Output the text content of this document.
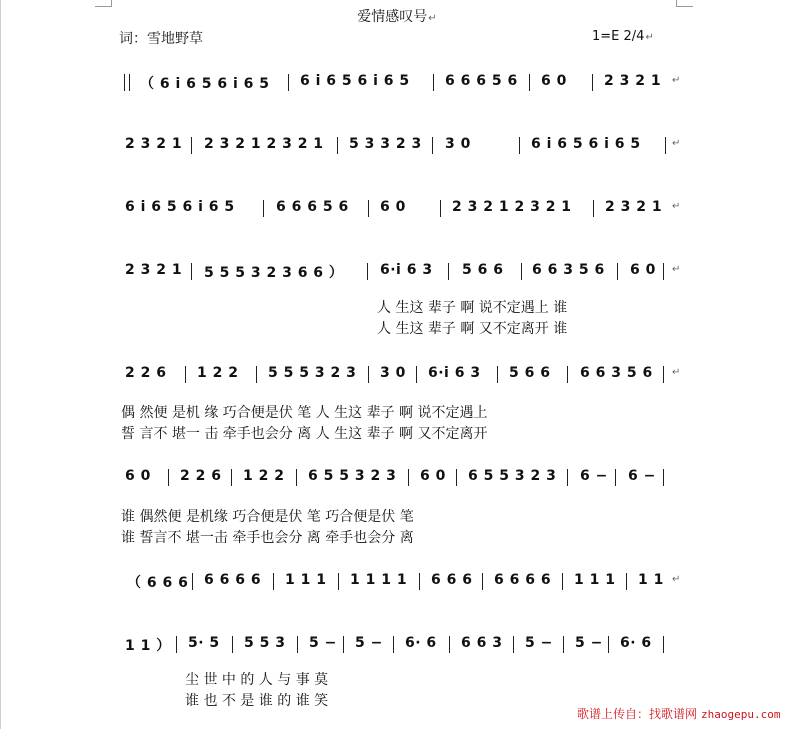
爱情感叹号↵
词：雪地野草	1=E 2/4↵
（ 6 i 6 5 6 i 6 5 6 i 6 5 6 i 6 5	6 6 6 5 6 6 0	2 3 2 1 ↵
2 3 2 1 2 3 2 1 2 3 2 1 5 3 3 2 3 3 0	6 i 6 5 6 i 6 5	↵
6 i 6 5 6 i 6 5	6 6 6 5 6 6 0	2 3 2 1 2 3 2 1 2 3 2 1 ↵
2 3 2 1 5 5 5 3 2 3 6 6 ）	6·i 6 3 5 6 6 6 6 3 5 6 6 0 ↵
人 生这 辈子 啊 说不定遇上 谁
人 生这 辈子 啊 又不定离开 谁
2 2 6 1 2 2 5 5 5 3 2 3 3 0 6·i 6 3 5 6 6 6 6 3 5 6 ↵
偶 然便 是机 缘 巧合便是伏 笔 人 生这 辈子 啊 说不定遇上
誓 言不 堪一 击 牵手也会分 离 人 生这 辈子 啊 又不定离开
6 0 2 2 6 1 2 2 6 5 5 3 2 3 6 0 6 5 5 3 2 3 6 − 6 −
谁 偶然便 是机缘 巧合便是伏 笔 巧合便是伏 笔
谁 誓言不 堪一击 牵手也会分 离 牵手也会分 离
（ 6 6 6 6 6 6 6 1 1 1 1 1 1 1 6 6 6 6 6 6 6 1 1 1 1 1 ↵
1 1 ） 5· 5 5 5 3 5 − 5 − 6· 6 6 6 3 5 − 5 − 6· 6
尘 世 中 的 人 与 事 莫
谁 也 不 是 谁 的 谁 笑
歌谱上传自：找歌谱网 zhaogepu.com
